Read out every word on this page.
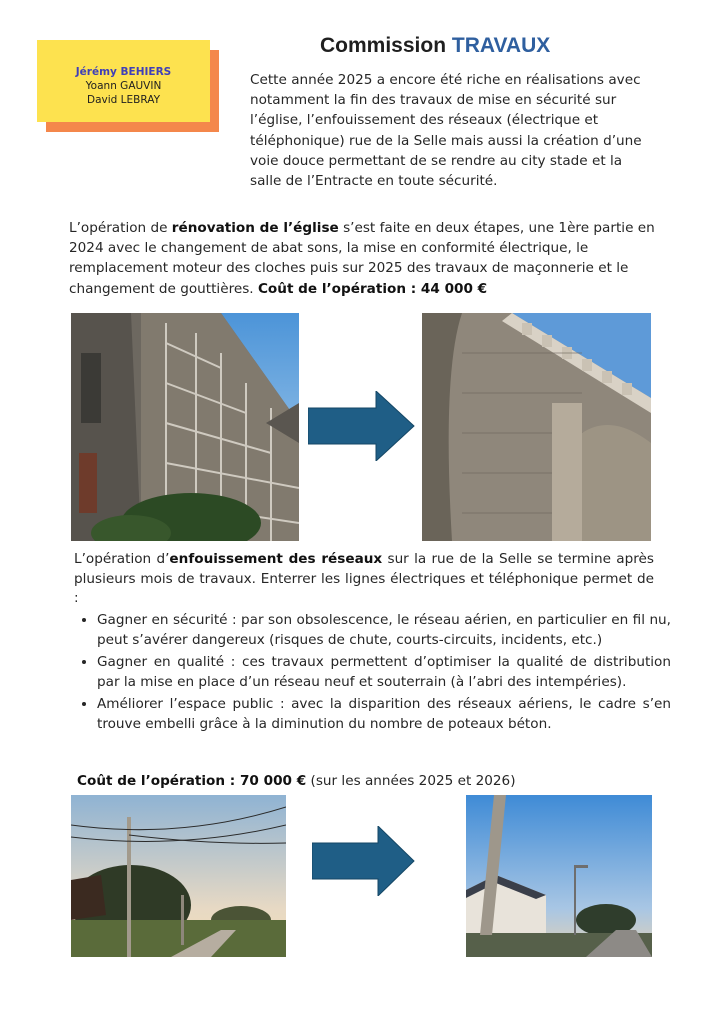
Jérémy BEHIERS
Yoann GAUVIN
David LEBRAY
Commission TRAVAUX
Cette année 2025 a encore été riche en réalisations avec notamment la fin des travaux de mise en sécurité sur l’église, l’enfouissement des réseaux (électrique et téléphonique) rue de la Selle mais aussi la création d’une voie douce permettant de se rendre au city stade et la salle de l’Entracte en toute sécurité.
L’opération de rénovation de l’église s’est faite en deux étapes, une 1ère partie en 2024 avec le changement de abat sons, la mise en conformité électrique, le remplacement moteur des cloches puis sur 2025 des travaux de maçonnerie et le changement de gouttières. Coût de l’opération : 44 000 €
L’opération d’enfouissement des réseaux sur la rue de la Selle se termine après plusieurs mois de travaux. Enterrer les lignes électriques et téléphonique permet de :
• Gagner en sécurité : par son obsolescence, le réseau aérien, en particulier en fil nu, peut s’avérer dangereux (risques de chute, courts-circuits, incidents, etc.)
• Gagner en qualité : ces travaux permettent d’optimiser la qualité de distribution par la mise en place d’un réseau neuf et souterrain (à l’abri des intempéries).
• Améliorer l’espace public : avec la disparition des réseaux aériens, le cadre s’en trouve embelli grâce à la diminution du nombre de poteaux béton.
Coût de l’opération : 70 000 € (sur les années 2025 et 2026)
